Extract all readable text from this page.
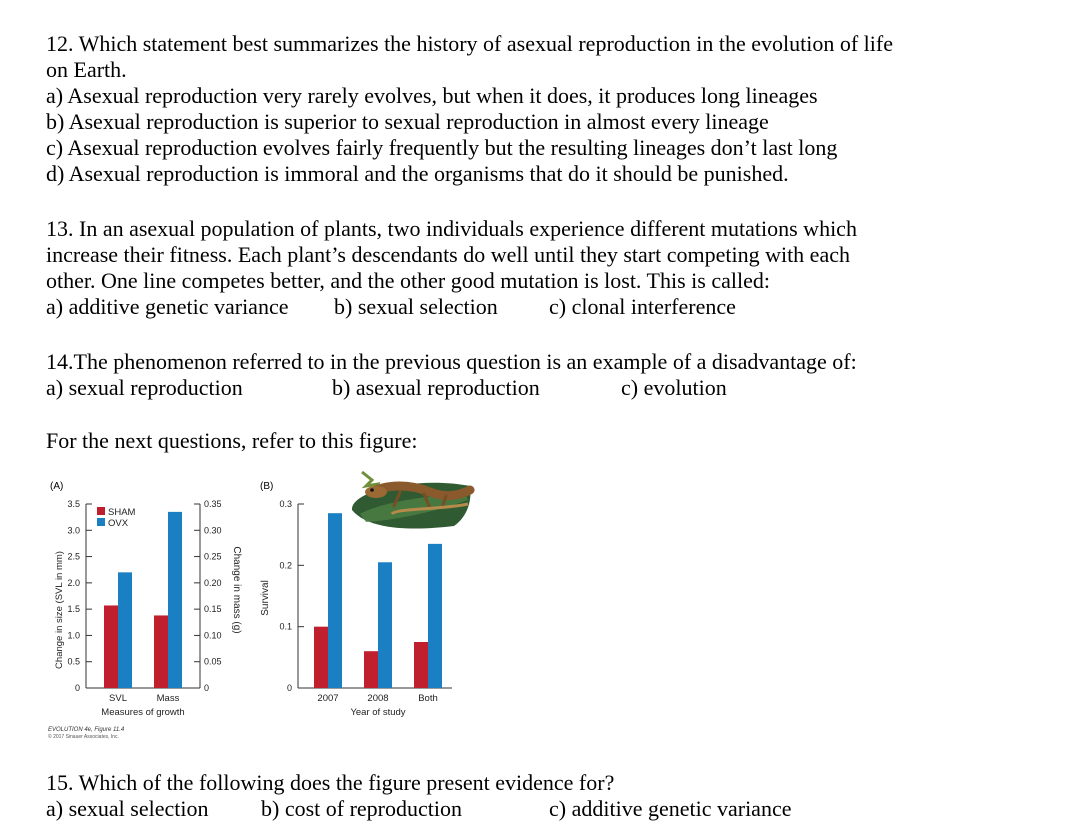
12. Which statement best summarizes the history of asexual reproduction in the evolution of life
on Earth.
a) Asexual reproduction very rarely evolves, but when it does, it produces long lineages
b) Asexual reproduction is superior to sexual reproduction in almost every lineage
c) Asexual reproduction evolves fairly frequently but the resulting lineages don’t last long
d) Asexual reproduction is immoral and the organisms that do it should be punished.
13. In an asexual population of plants, two individuals experience different mutations which
increase their fitness. Each plant’s descendants do well until they start competing with each
other. One line competes better, and the other good mutation is lost. This is called:
a) additive genetic variance b) sexual selection c) clonal interference
14.The phenomenon referred to in the previous question is an example of a disadvantage of:
a) sexual reproduction	b) asexual reproduction	c) evolution
For the next questions, refer to this figure:
(A)
0
0.5
1.0
1.5
2.0
2.5
3.0
3.5
0
0.05
0.10
0.15
0.20
0.25
0.30
0.35
Change in size (SVL in mm)	Change in mass (g)
SVL	Mass
Measures of growth
SHAM
OVX
EVOLUTION 4e, Figure 11.4
© 2017 Sinauer Associates, Inc.
(B)
0
0.1
0.2
0.3
Survival
2007	2008	Both
Year of study
15. Which of the following does the figure present evidence for?
a) sexual selection b) cost of reproduction	c) additive genetic variance
